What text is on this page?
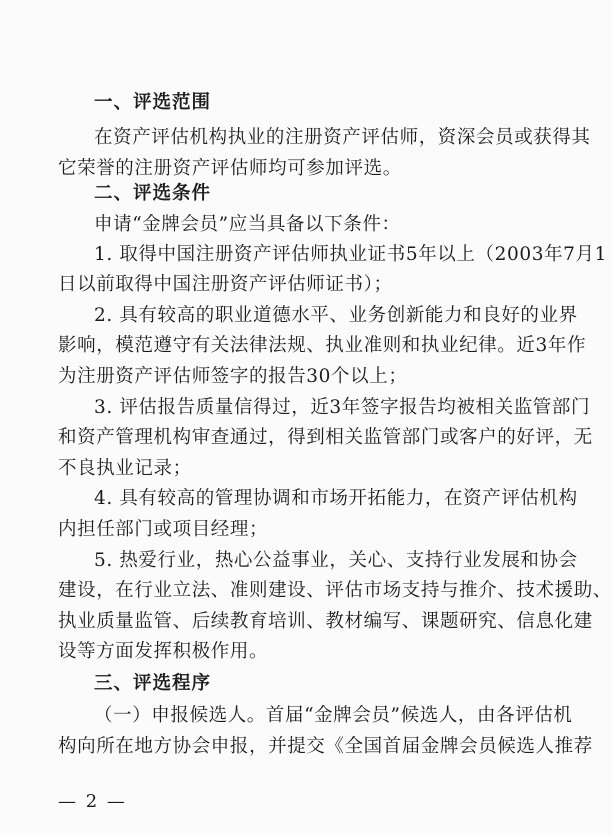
一、评选范围
在资产评估机构执业的注册资产评估师，资深会员或获得其
它荣誉的注册资产评估师均可参加评选。
二、评选条件
申请“金牌会员”应当具备以下条件：
1. 取得中国注册资产评估师执业证书5年以上（2003年7月1
日以前取得中国注册资产评估师证书）；
2. 具有较高的职业道德水平、业务创新能力和良好的业界
影响，模范遵守有关法律法规、执业准则和执业纪律。近3年作
为注册资产评估师签字的报告30个以上；
3. 评估报告质量信得过，近3年签字报告均被相关监管部门
和资产管理机构审查通过，得到相关监管部门或客户的好评，无
不良执业记录；
4. 具有较高的管理协调和市场开拓能力，在资产评估机构
内担任部门或项目经理；
5. 热爱行业，热心公益事业，关心、支持行业发展和协会
建设，在行业立法、准则建设、评估市场支持与推介、技术援助、
执业质量监管、后续教育培训、教材编写、课题研究、信息化建
设等方面发挥积极作用。
三、评选程序
（一）申报候选人。首届“金牌会员”候选人，由各评估机
构向所在地方协会申报，并提交《全国首届金牌会员候选人推荐
— 2 —
